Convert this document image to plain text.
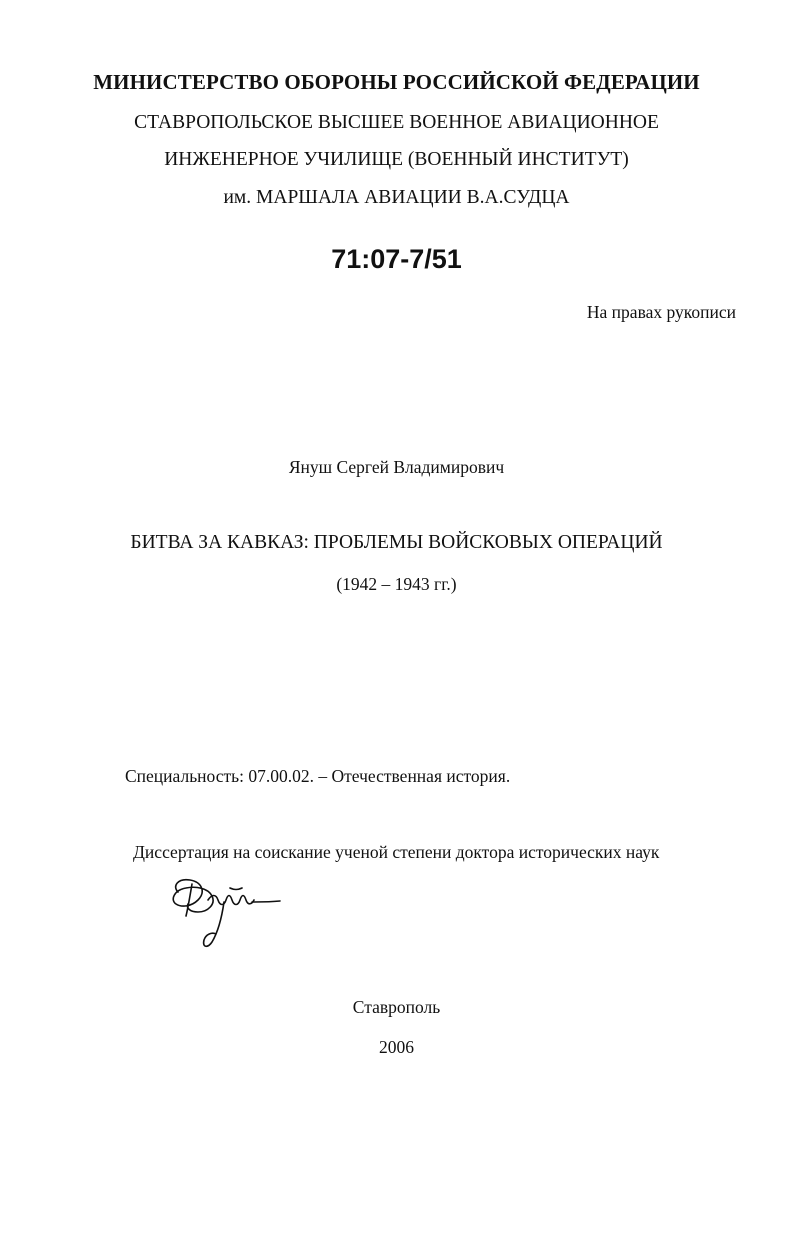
МИНИСТЕРСТВО ОБОРОНЫ РОССИЙСКОЙ ФЕДЕРАЦИИ
СТАВРОПОЛЬСКОЕ ВЫСШЕЕ ВОЕННОЕ АВИАЦИОННОЕ
ИНЖЕНЕРНОЕ УЧИЛИЩЕ (ВОЕННЫЙ ИНСТИТУТ)
им. МАРШАЛА АВИАЦИИ В.А.СУДЦА
71:07-7/51
На правах рукописи
Януш Сергей Владимирович
БИТВА ЗА КАВКАЗ: ПРОБЛЕМЫ ВОЙСКОВЫХ ОПЕРАЦИЙ
(1942 – 1943 гг.)
Специальность: 07.00.02. – Отечественная история.
Диссертация на соискание ученой степени доктора исторических наук
Ставрополь
2006
